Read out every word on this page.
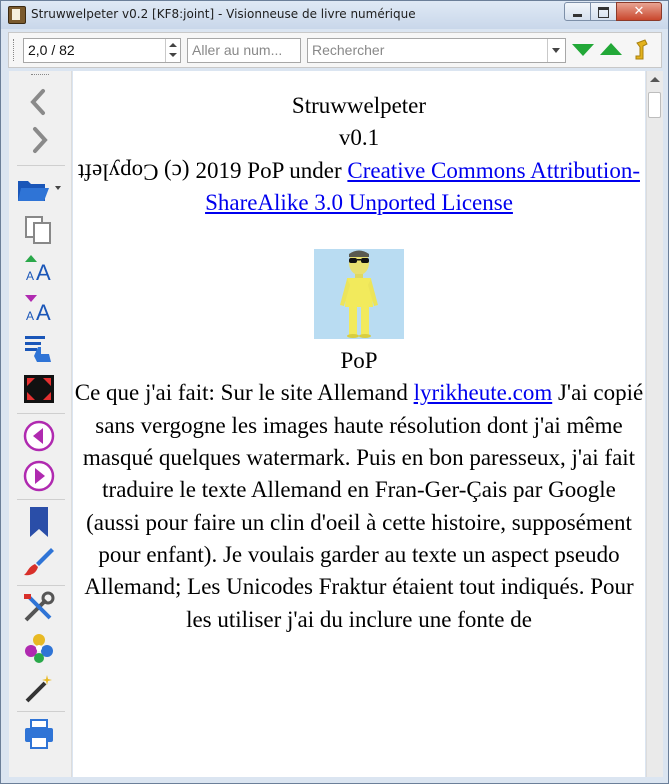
Struwwelpeter v0.2 [KF8:joint] - Visionneuse de livre numérique	✕
2,0 / 82	Aller au num...	Rechercher
A A
A A

Struwwelpeter

v0.1

Copyleft (c) 2019 PoP under Creative Commons Attribution-ShareAlike 3.0 Unported License

PoP

Ce que j'ai fait: Sur le site Allemand lyrikheute.com J'ai copié sans vergogne les images haute résolution dont j'ai même masqué quelques watermark. Puis en bon paresseux, j'ai fait traduire le texte Allemand en Fran-Ger-Çais par Google (aussi pour faire un clin d'oeil à cette histoire, supposément pour enfant). Je voulais garder au texte un aspect pseudo Allemand; Les Unicodes Fraktur étaient tout indiqués. Pour les utiliser j'ai du inclure une fonte de
